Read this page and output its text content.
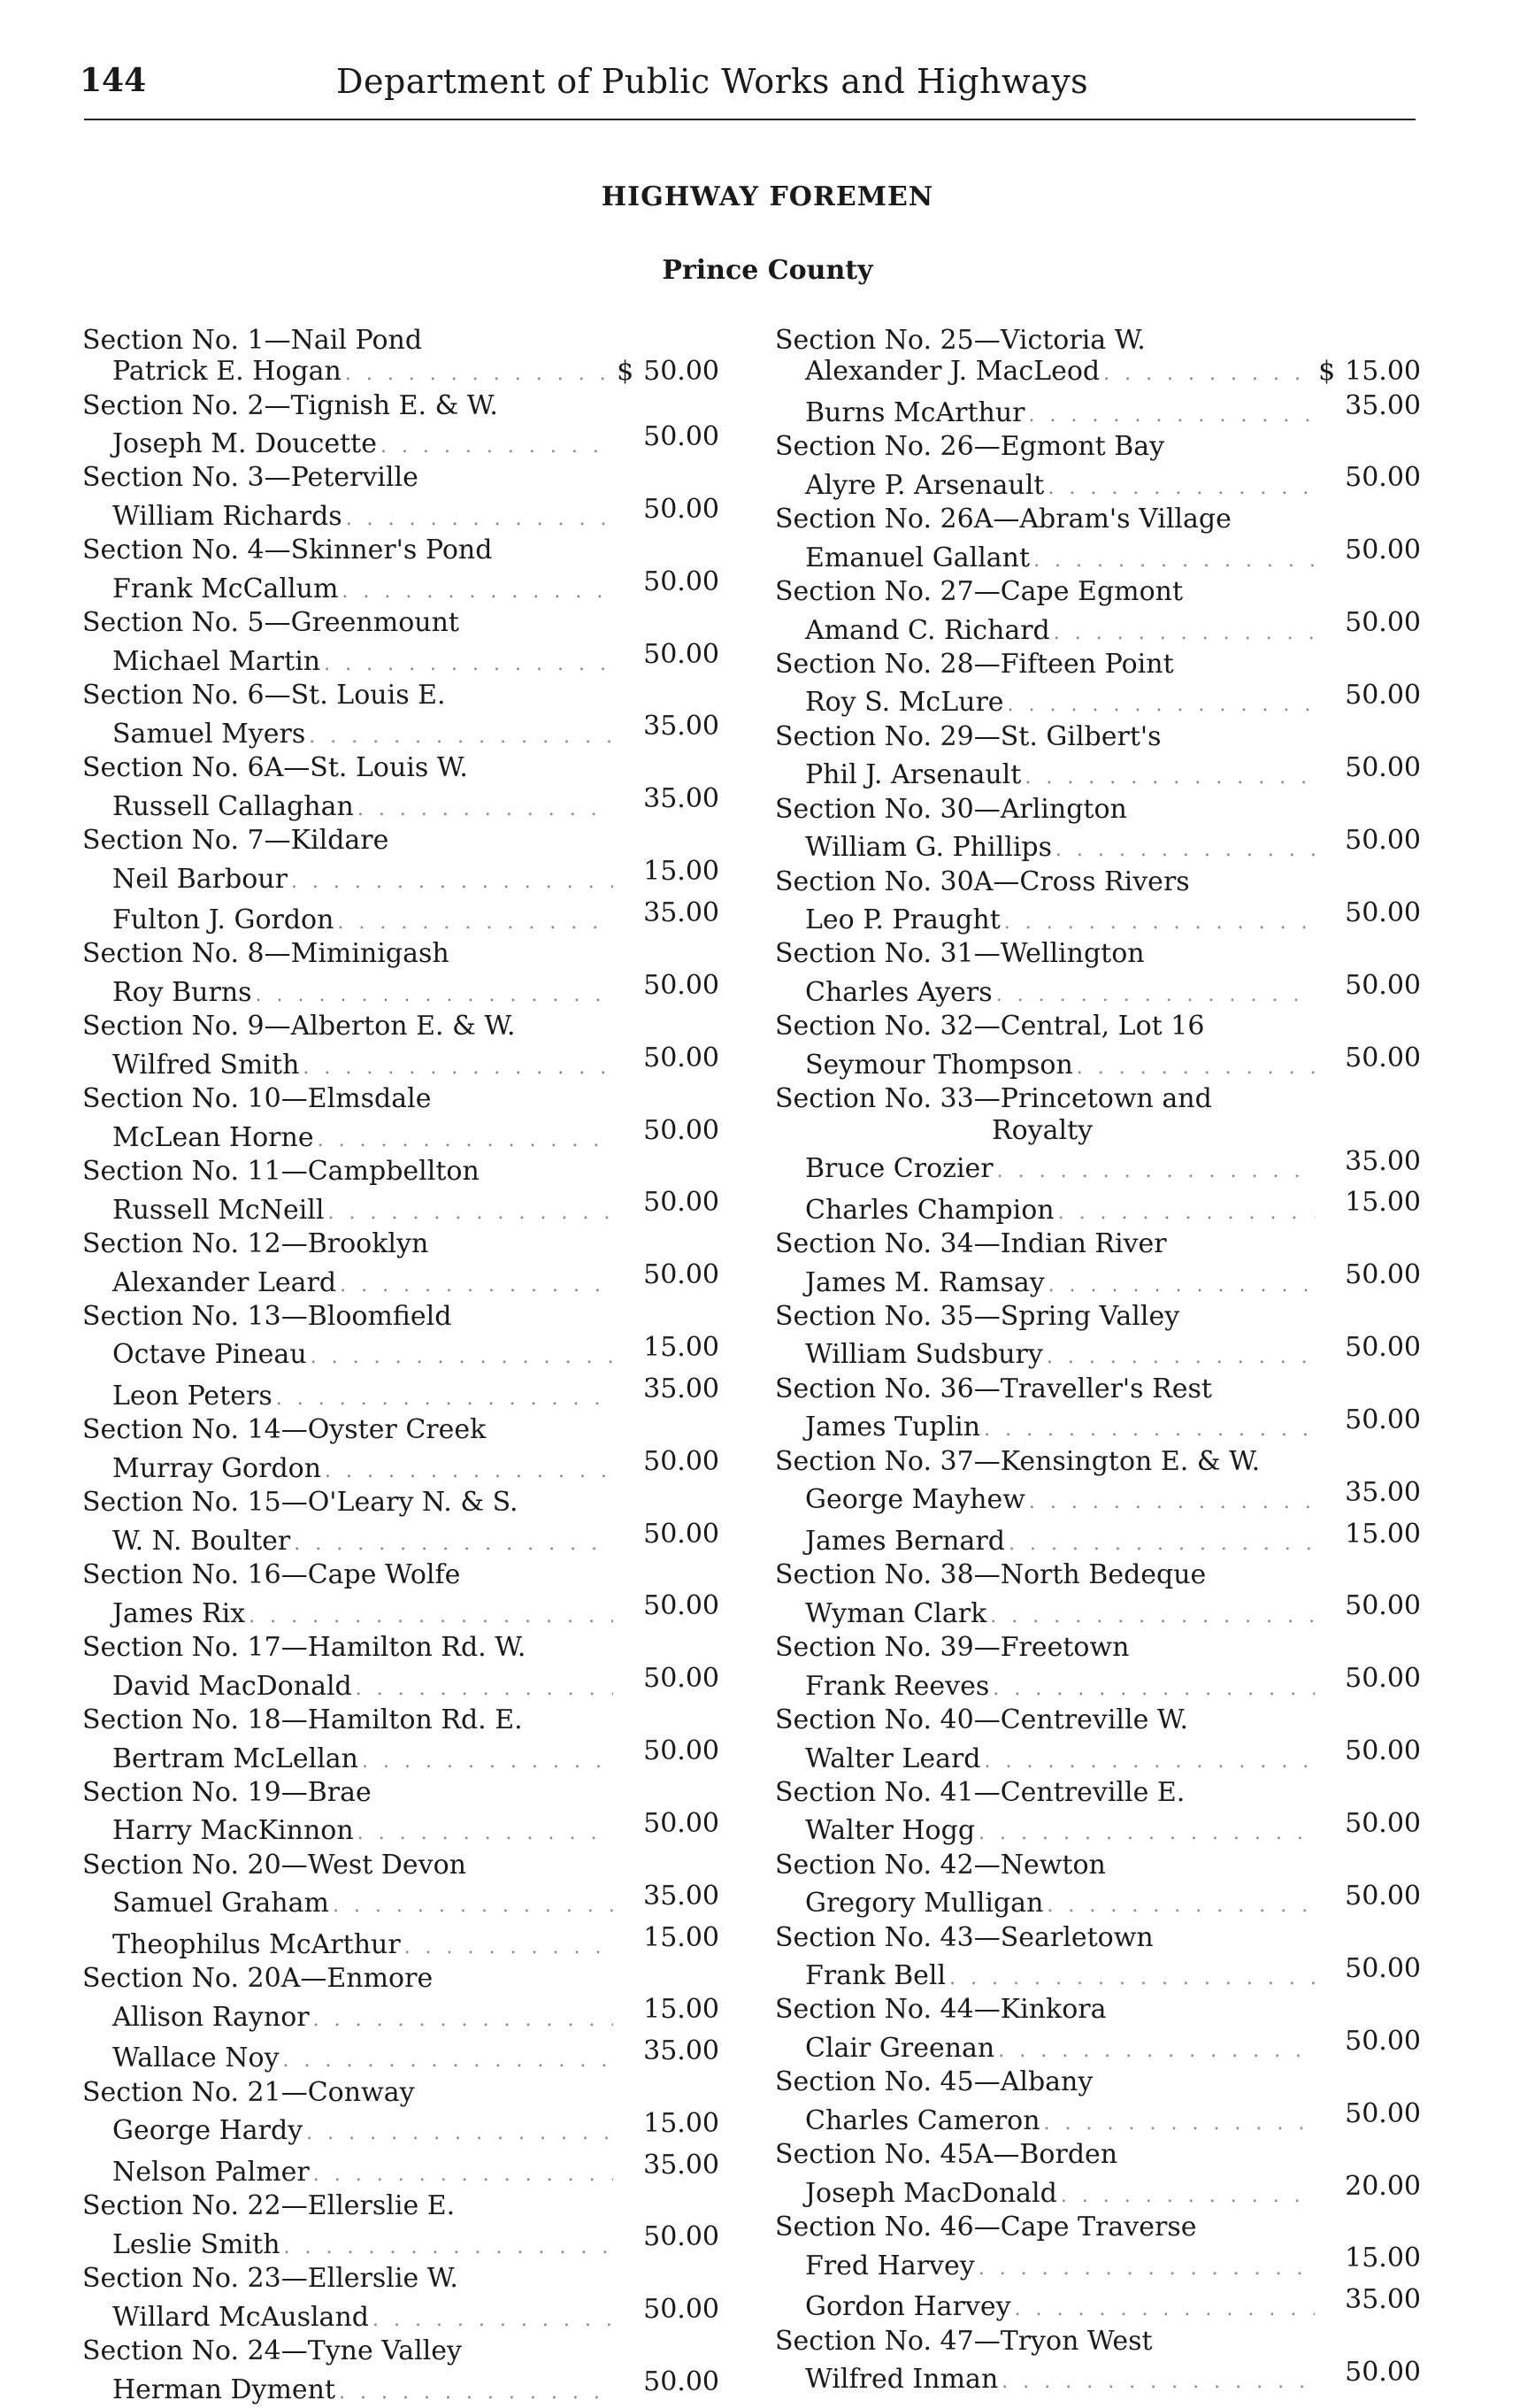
144	Department of Public Works and Highways
HIGHWAY FOREMEN
Prince County
Section No. 1—Nail Pond
Patrick E. Hogan . . .	$ 50.00
Section No. 2—Tignish E. & W.
Joseph M. Doucette . . .	50.00
Section No. 3—Peterville
William Richards . . .	50.00
Section No. 4—Skinner's Pond
Frank McCallum . . .	50.00
Section No. 5—Greenmount
Michael Martin . . .	50.00
Section No. 6—St. Louis E.
Samuel Myers . . .	35.00
Section No. 6A—St. Louis W.
Russell Callaghan . . .	35.00
Section No. 7—Kildare
Neil Barbour . . .	15.00
Fulton J. Gordon . . .	35.00
Section No. 8—Miminigash
Roy Burns . . .	50.00
Section No. 9—Alberton E. & W.
Wilfred Smith . . .	50.00
Section No. 10—Elmsdale
McLean Horne . . .	50.00
Section No. 11—Campbellton
Russell McNeill . . .	50.00
Section No. 12—Brooklyn
Alexander Leard . . .	50.00
Section No. 13—Bloomfield
Octave Pineau . . .	15.00
Leon Peters . . .	35.00
Section No. 14—Oyster Creek
Murray Gordon . . .	50.00
Section No. 15—O'Leary N. & S.
W. N. Boulter . . .	50.00
Section No. 16—Cape Wolfe
James Rix . . .	50.00
Section No. 17—Hamilton Rd. W.
David MacDonald . . .	50.00
Section No. 18—Hamilton Rd. E.
Bertram McLellan . . .	50.00
Section No. 19—Brae
Harry MacKinnon . . .	50.00
Section No. 20—West Devon
Samuel Graham . . .	35.00
Theophilus McArthur . . .	15.00
Section No. 20A—Enmore
Allison Raynor . . .	15.00
Wallace Noy . . .	35.00
Section No. 21—Conway
George Hardy . . .	15.00
Nelson Palmer . . .	35.00
Section No. 22—Ellerslie E.
Leslie Smith . . .	50.00
Section No. 23—Ellerslie W.
Willard McAusland . . .	50.00
Section No. 24—Tyne Valley
Herman Dyment . . .	50.00
Section No. 25—Victoria W.
Alexander J. MacLeod . . .	$ 15.00
Burns McArthur . . .	35.00
Section No. 26—Egmont Bay
Alyre P. Arsenault . . .	50.00
Section No. 26A—Abram's Village
Emanuel Gallant . . .	50.00
Section No. 27—Cape Egmont
Amand C. Richard . . .	50.00
Section No. 28—Fifteen Point
Roy S. McLure . . .	50.00
Section No. 29—St. Gilbert's
Phil J. Arsenault . . .	50.00
Section No. 30—Arlington
William G. Phillips . . .	50.00
Section No. 30A—Cross Rivers
Leo P. Praught . . .	50.00
Section No. 31—Wellington
Charles Ayers . . .	50.00
Section No. 32—Central, Lot 16
Seymour Thompson . . .	50.00
Section No. 33—Princetown and
Royalty
Bruce Crozier . . .	35.00
Charles Champion . . .	15.00
Section No. 34—Indian River
James M. Ramsay . . .	50.00
Section No. 35—Spring Valley
William Sudsbury . . .	50.00
Section No. 36—Traveller's Rest
James Tuplin . . .	50.00
Section No. 37—Kensington E. & W.
George Mayhew . . .	35.00
James Bernard . . .	15.00
Section No. 38—North Bedeque
Wyman Clark . . .	50.00
Section No. 39—Freetown
Frank Reeves . . .	50.00
Section No. 40—Centreville W.
Walter Leard . . .	50.00
Section No. 41—Centreville E.
Walter Hogg . . .	50.00
Section No. 42—Newton
Gregory Mulligan . . .	50.00
Section No. 43—Searletown
Frank Bell . . .	50.00
Section No. 44—Kinkora
Clair Greenan . . .	50.00
Section No. 45—Albany
Charles Cameron . . .	50.00
Section No. 45A—Borden
Joseph MacDonald . . .	20.00
Section No. 46—Cape Traverse
Fred Harvey . . .	15.00
Gordon Harvey . . .	35.00
Section No. 47—Tryon West
Wilfred Inman . . .	50.00
